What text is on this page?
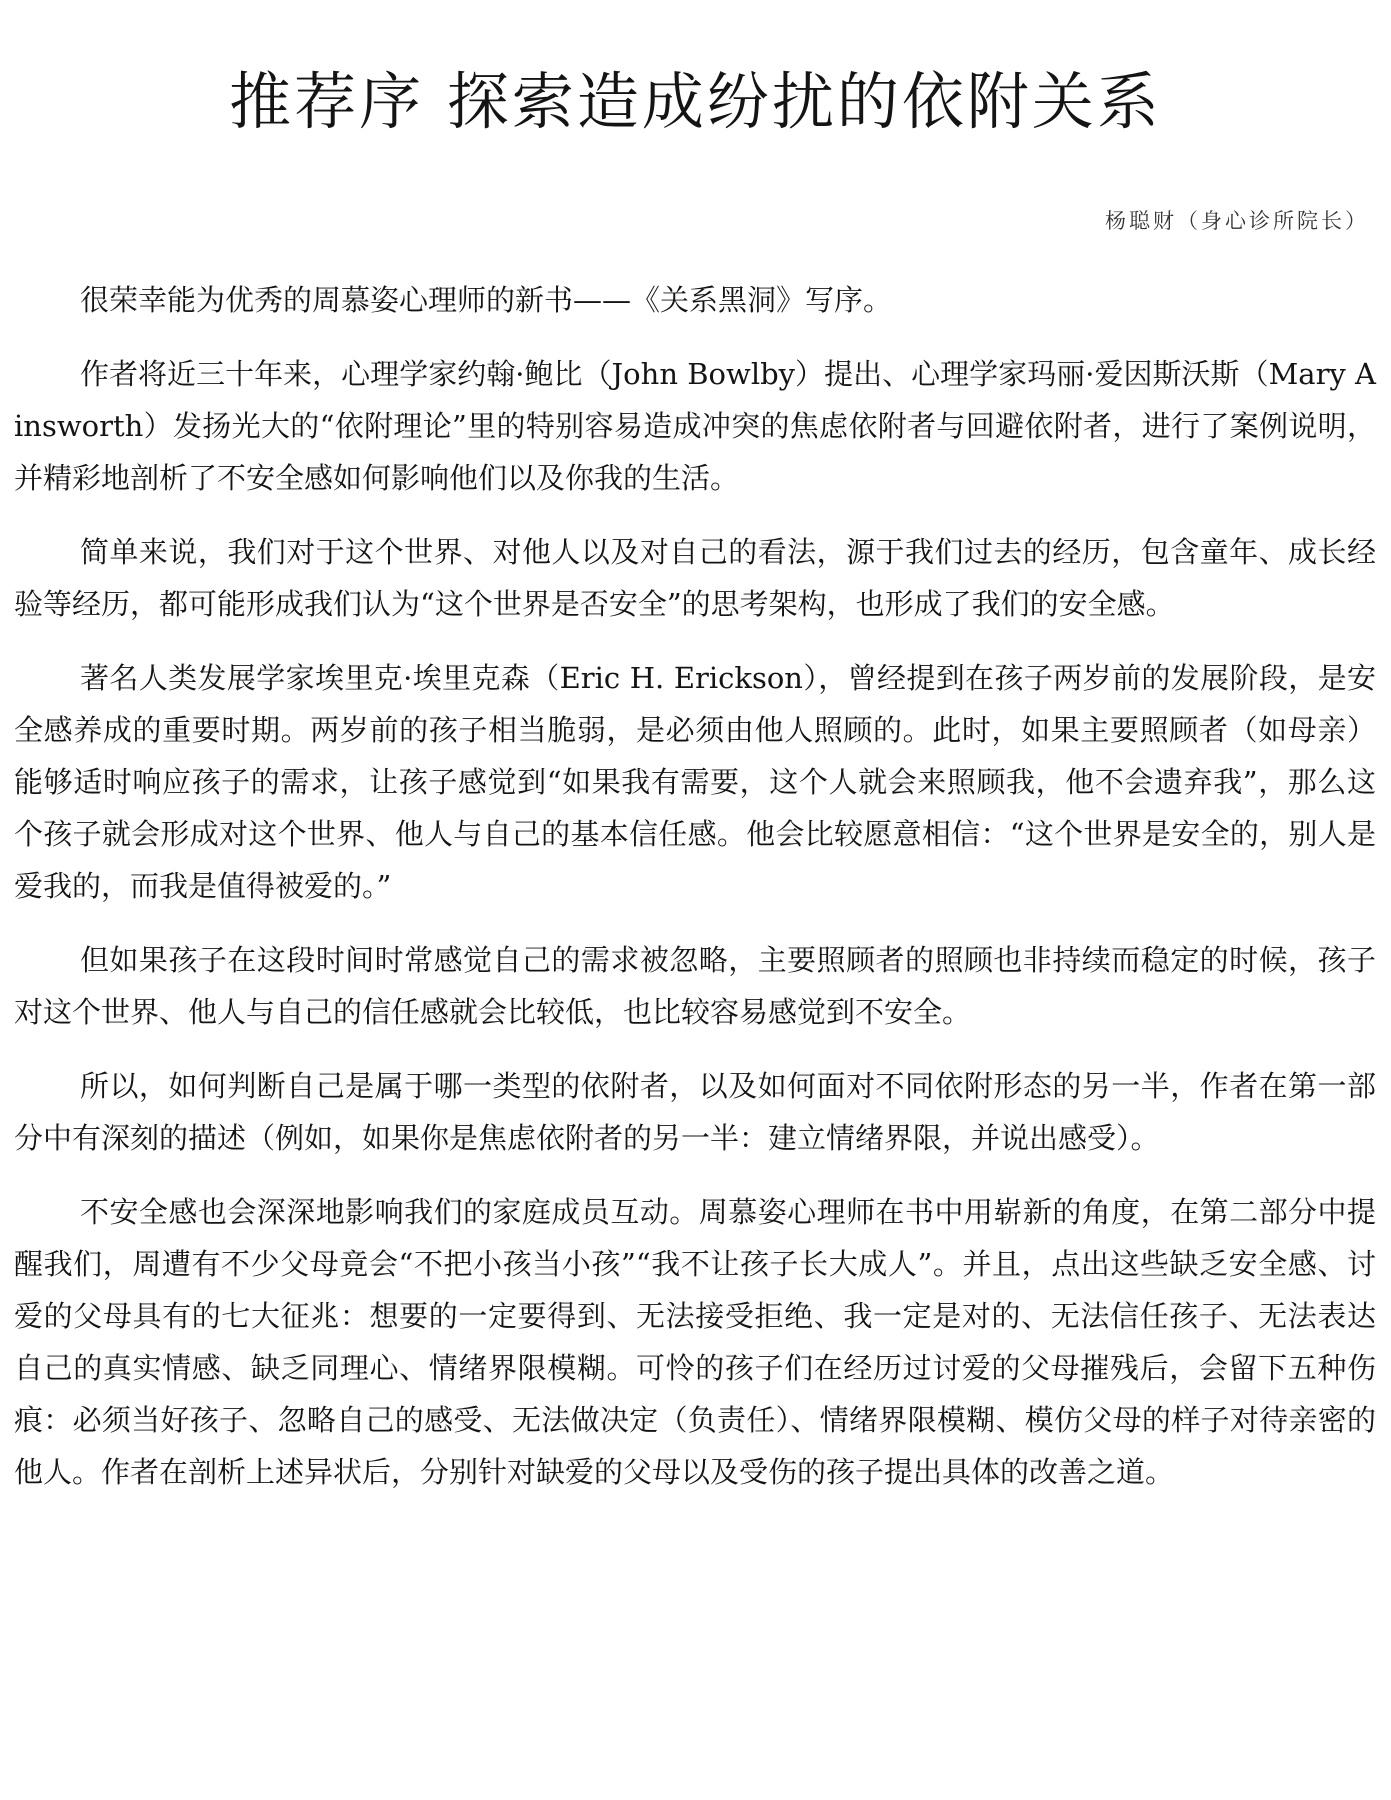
推荐序 探索造成纷扰的依附关系
杨聪财（身心诊所院长）

很荣幸能为优秀的周慕姿心理师的新书——《关系黑洞》写序。

作者将近三十年来，心理学家约翰·鲍比（John Bowlby）提出、心理学家玛丽·爱因斯沃斯（Mary Ainsworth）发扬光大的“依附理论”里的特别容易造成冲突的焦虑依附者与回避依附者，进行了案例说明，并精彩地剖析了不安全感如何影响他们以及你我的生活。

简单来说，我们对于这个世界、对他人以及对自己的看法，源于我们过去的经历，包含童年、成长经验等经历，都可能形成我们认为“这个世界是否安全”的思考架构，也形成了我们的安全感。

著名人类发展学家埃里克·埃里克森（Eric H. Erickson），曾经提到在孩子两岁前的发展阶段，是安全感养成的重要时期。两岁前的孩子相当脆弱，是必须由他人照顾的。此时，如果主要照顾者（如母亲）能够适时响应孩子的需求，让孩子感觉到“如果我有需要，这个人就会来照顾我，他不会遗弃我”，那么这个孩子就会形成对这个世界、他人与自己的基本信任感。他会比较愿意相信：“这个世界是安全的，别人是爱我的，而我是值得被爱的。”

但如果孩子在这段时间时常感觉自己的需求被忽略，主要照顾者的照顾也非持续而稳定的时候，孩子对这个世界、他人与自己的信任感就会比较低，也比较容易感觉到不安全。

所以，如何判断自己是属于哪一类型的依附者，以及如何面对不同依附形态的另一半，作者在第一部分中有深刻的描述（例如，如果你是焦虑依附者的另一半：建立情绪界限，并说出感受）。

不安全感也会深深地影响我们的家庭成员互动。周慕姿心理师在书中用崭新的角度，在第二部分中提醒我们，周遭有不少父母竟会“不把小孩当小孩”“我不让孩子长大成人”。并且，点出这些缺乏安全感、讨爱的父母具有的七大征兆：想要的一定要得到、无法接受拒绝、我一定是对的、无法信任孩子、无法表达自己的真实情感、缺乏同理心、情绪界限模糊。可怜的孩子们在经历过讨爱的父母摧残后，会留下五种伤痕：必须当好孩子、忽略自己的感受、无法做决定（负责任）、情绪界限模糊、模仿父母的样子对待亲密的他人。作者在剖析上述异状后，分别针对缺爱的父母以及受伤的孩子提出具体的改善之道。
